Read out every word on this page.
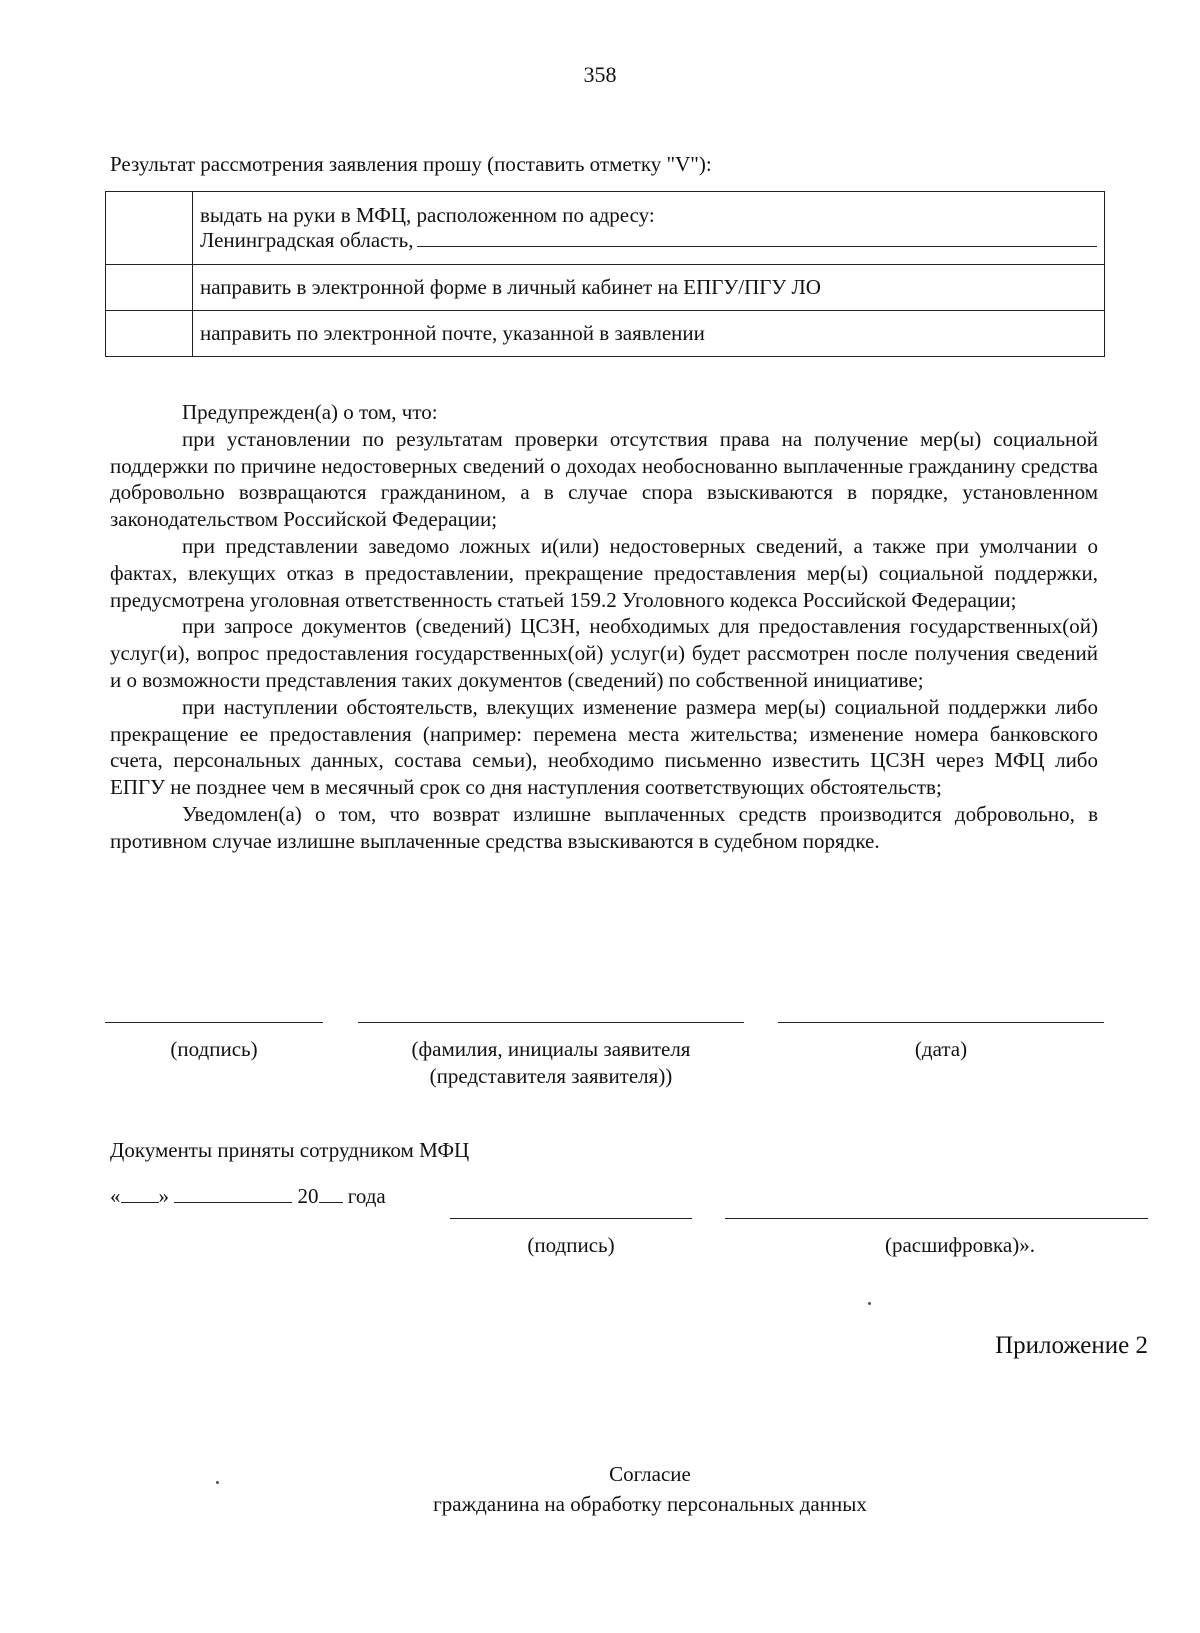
358
Результат рассмотрения заявления прошу (поставить отметку "V"):

	выдать на руки в МФЦ, расположенном по адресу:
Ленинградская область,

	направить в электронной форме в личный кабинет на ЕПГУ/ПГУ ЛО
	направить по электронной почте, указанной в заявлении

Предупрежден(а) о том, что:

при установлении по результатам проверки отсутствия права на получение мер(ы) социальной поддержки по причине недостоверных сведений о доходах необоснованно выплаченные гражданину средства добровольно возвращаются гражданином, а в случае спора взыскиваются в порядке, установленном законодательством Российской Федерации;

при представлении заведомо ложных и(или) недостоверных сведений, а также при умолчании о фактах, влекущих отказ в предоставлении, прекращение предоставления мер(ы) социальной поддержки, предусмотрена уголовная ответственность статьей 159.2 Уголовного кодекса Российской Федерации;

при запросе документов (сведений) ЦСЗН, необходимых для предоставления государственных(ой) услуг(и), вопрос предоставления государственных(ой) услуг(и) будет рассмотрен после получения сведений и о возможности представления таких документов (сведений) по собственной инициативе;

при наступлении обстоятельств, влекущих изменение размера мер(ы) социальной поддержки либо прекращение ее предоставления (например: перемена места жительства; изменение номера банковского счета, персональных данных, состава семьи), необходимо письменно известить ЦСЗН через МФЦ либо ЕПГУ не позднее чем в месячный срок со дня наступления соответствующих обстоятельств;

Уведомлен(а) о том, что возврат излишне выплаченных средств производится добровольно, в противном случае излишне выплаченные средства взыскиваются в судебном порядке.

(подпись)	(фамилия, инициалы заявителя
(представителя заявителя))
(дата)
Документы приняты сотрудником МФЦ
« »	20 года
(подпись)	(расшифровка)».
Приложение 2
Согласие
гражданина на обработку персональных данных
